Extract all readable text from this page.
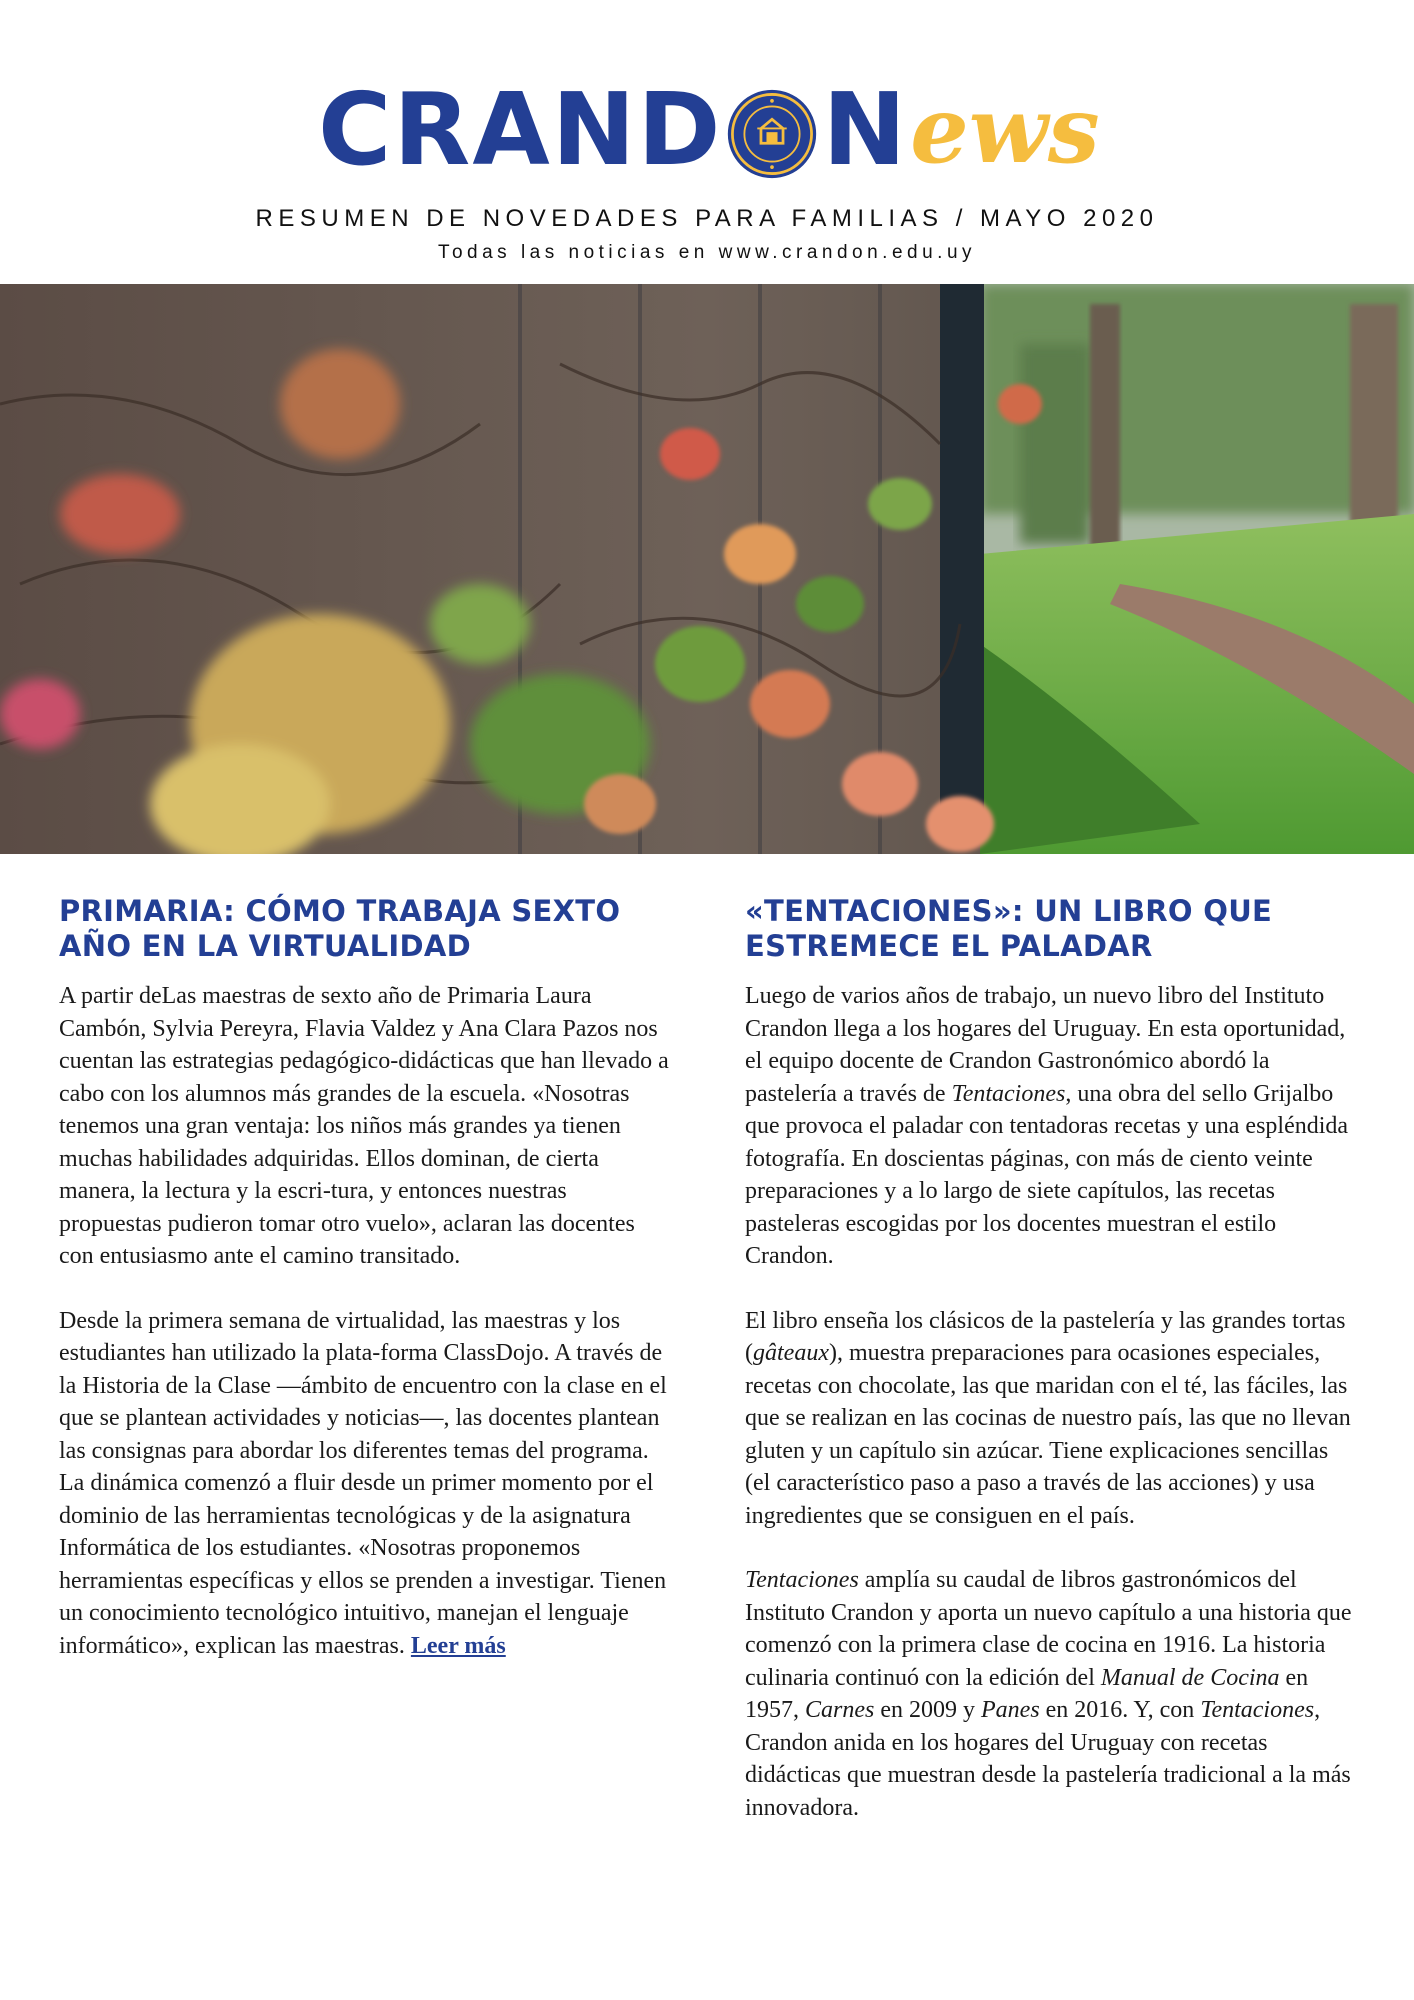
CRAND N ews
RESUMEN DE NOVEDADES PARA FAMILIAS / MAYO 2020
Todas las noticias en www.crandon.edu.uy
PRIMARIA: CÓMO TRABAJA SEXTO AÑO EN LA VIRTUALIDAD

A partir deLas maestras de sexto año de Primaria Laura Cambón, Sylvia Pereyra, Flavia Valdez y Ana Clara Pazos nos cuentan las estrategias pedagógico-didácticas que han llevado a cabo con los alumnos más grandes de la escuela. «Nosotras tenemos una gran ventaja: los niños más grandes ya tienen muchas habilidades adquiridas. Ellos dominan, de cierta manera, la lectura y la escri-tura, y entonces nuestras propuestas pudieron tomar otro vuelo», aclaran las docentes con entusiasmo ante el camino transitado.

Desde la primera semana de virtualidad, las maestras y los estudiantes han utilizado la plata-forma ClassDojo. A través de la Historia de la Clase —ámbito de encuentro con la clase en el que se plantean actividades y noticias—, las docentes plantean las consignas para abordar los diferentes temas del programa. La dinámica comenzó a fluir desde un primer momento por el dominio de las herramientas tecnológicas y de la asignatura Informática de los estudiantes. «Nosotras proponemos herramientas específicas y ellos se prenden a investigar. Tienen un conocimiento tecnológico intuitivo, manejan el lenguaje informático», explican las maestras. Leer más

«TENTACIONES»: UN LIBRO QUE ESTREMECE EL PALADAR

Luego de varios años de trabajo, un nuevo libro del Instituto Crandon llega a los hogares del Uruguay. En esta oportunidad, el equipo docente de Crandon Gastronómico abordó la pastelería a través de Tentaciones, una obra del sello Grijalbo que provoca el paladar con tentadoras recetas y una espléndida fotografía. En doscientas páginas, con más de ciento veinte preparaciones y a lo largo de siete capítulos, las recetas pasteleras escogidas por los docentes muestran el estilo Crandon.

El libro enseña los clásicos de la pastelería y las grandes tortas (gâteaux), muestra preparaciones para ocasiones especiales, recetas con chocolate, las que maridan con el té, las fáciles, las que se realizan en las cocinas de nuestro país, las que no llevan gluten y un capítulo sin azúcar. Tiene explicaciones sencillas (el característico paso a paso a través de las acciones) y usa ingredientes que se consiguen en el país.

Tentaciones amplía su caudal de libros gastronómicos del Instituto Crandon y aporta un nuevo capítulo a una historia que comenzó con la primera clase de cocina en 1916. La historia culinaria continuó con la edición del Manual de Cocina en 1957, Carnes en 2009 y Panes en 2016. Y, con Tentaciones, Crandon anida en los hogares del Uruguay con recetas didácticas que muestran desde la pastelería tradicional a la más innovadora.
